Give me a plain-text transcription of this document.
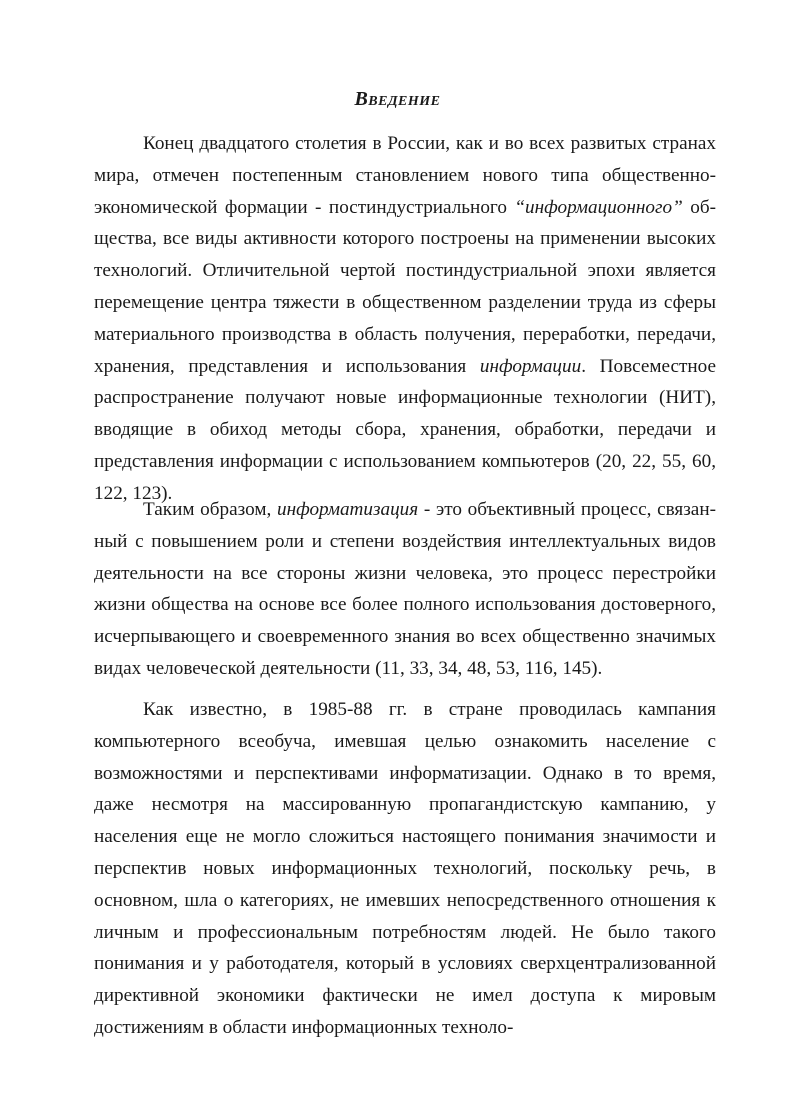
Введение

Конец двадцатого столетия в России, как и во всех развитых странах мира, отмечен постепенным становлением нового типа общественно-экономической формации - постиндустриального “информационного” общества, все виды активности которого построены на применении высоких технологий. Отличительной чертой постиндустриальной эпохи является перемещение центра тяжести в общественном разделении труда из сферы материального производства в область получения, переработки, передачи, хранения, представления и использования информации. Повсеместное распространение получают новые информационные технологии (НИТ), вводящие в обиход методы сбора, хранения, обработки, передачи и представления информации с использованием компьютеров (20, 22, 55, 60, 122, 123).

Таким образом, информатизация - это объективный процесс, связанный с повышением роли и степени воздействия интеллектуальных видов деятельности на все стороны жизни человека, это процесс перестройки жизни общества на основе все более полного использования достоверного, исчерпывающего и своевременного знания во всех общественно значимых видах человеческой деятельности (11, 33, 34, 48, 53, 116, 145).

Как известно, в 1985-88 гг. в стране проводилась кампания компьютерного всеобуча, имевшая целью ознакомить население с возможностями и перспективами информатизации. Однако в то время, даже несмотря на массированную пропагандистскую кампанию, у населения еще не могло сложиться настоящего понимания значимости и перспектив новых информационных технологий, поскольку речь, в основном, шла о категориях, не имевших непосредственного отношения к личным и профессиональным потребностям людей. Не было такого понимания и у работодателя, который в условиях сверхцентрализованной директивной экономики фактически не имел доступа к мировым достижениям в области информационных техноло-
